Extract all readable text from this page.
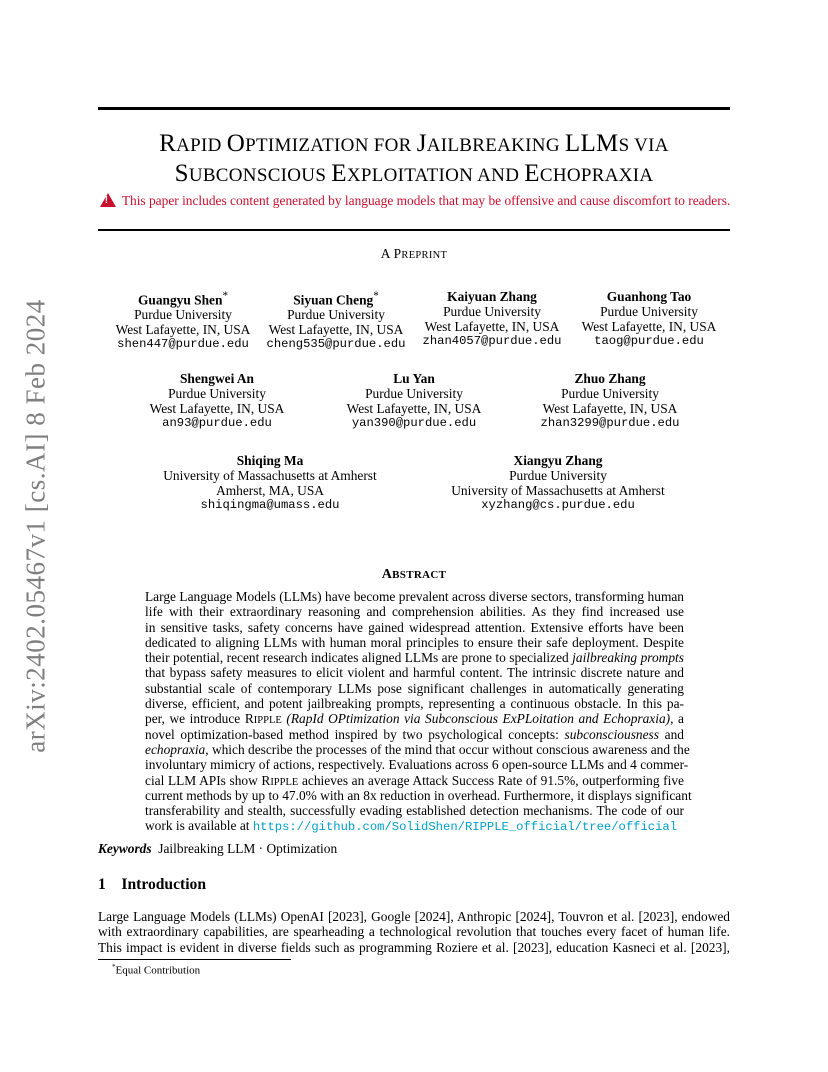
arXiv:2402.05467v1 [cs.AI] 8 Feb 2024
RAPID OPTIMIZATION FOR JAILBREAKING LLMS VIA
SUBCONSCIOUS EXPLOITATION AND ECHOPRAXIA
! This paper includes content generated by language models that may be offensive and cause discomfort to readers.
A PREPRINT
Guangyu Shen*
Purdue University
West Lafayette, IN, USA
shen447@purdue.edu
Siyuan Cheng*
Purdue University
West Lafayette, IN, USA
cheng535@purdue.edu
Kaiyuan Zhang
Purdue University
West Lafayette, IN, USA
zhan4057@purdue.edu
Guanhong Tao
Purdue University
West Lafayette, IN, USA
taog@purdue.edu
Shengwei An
Purdue University
West Lafayette, IN, USA
an93@purdue.edu
Lu Yan
Purdue University
West Lafayette, IN, USA
yan390@purdue.edu
Zhuo Zhang
Purdue University
West Lafayette, IN, USA
zhan3299@purdue.edu
Shiqing Ma
University of Massachusetts at Amherst
Amherst, MA, USA
shiqingma@umass.edu
Xiangyu Zhang
Purdue University
University of Massachusetts at Amherst
xyzhang@cs.purdue.edu
ABSTRACT
Large Language Models (LLMs) have become prevalent across diverse sectors, transforming human
life with their extraordinary reasoning and comprehension abilities. As they find increased use
in sensitive tasks, safety concerns have gained widespread attention. Extensive efforts have been
dedicated to aligning LLMs with human moral principles to ensure their safe deployment. Despite
their potential, recent research indicates aligned LLMs are prone to specialized jailbreaking prompts
that bypass safety measures to elicit violent and harmful content. The intrinsic discrete nature and
substantial scale of contemporary LLMs pose significant challenges in automatically generating
diverse, efficient, and potent jailbreaking prompts, representing a continuous obstacle. In this pa-
per, we introduce RIPPLE (RapId OPtimization via Subconscious ExPLoitation and Echopraxia), a
novel optimization-based method inspired by two psychological concepts: subconsciousness and
echopraxia, which describe the processes of the mind that occur without conscious awareness and the
involuntary mimicry of actions, respectively. Evaluations across 6 open-source LLMs and 4 commer-
cial LLM APIs show RIPPLE achieves an average Attack Success Rate of 91.5%, outperforming five
current methods by up to 47.0% with an 8x reduction in overhead. Furthermore, it displays significant
transferability and stealth, successfully evading established detection mechanisms. The code of our
work is available at https://github.com/SolidShen/RIPPLE_official/tree/official
Keywords Jailbreaking LLM · Optimization
1 Introduction
Large Language Models (LLMs) OpenAI [2023], Google [2024], Anthropic [2024], Touvron et al. [2023], endowed
with extraordinary capabilities, are spearheading a technological revolution that touches every facet of human life.
This impact is evident in diverse fields such as programming Roziere et al. [2023], education Kasneci et al. [2023],
*Equal Contribution
